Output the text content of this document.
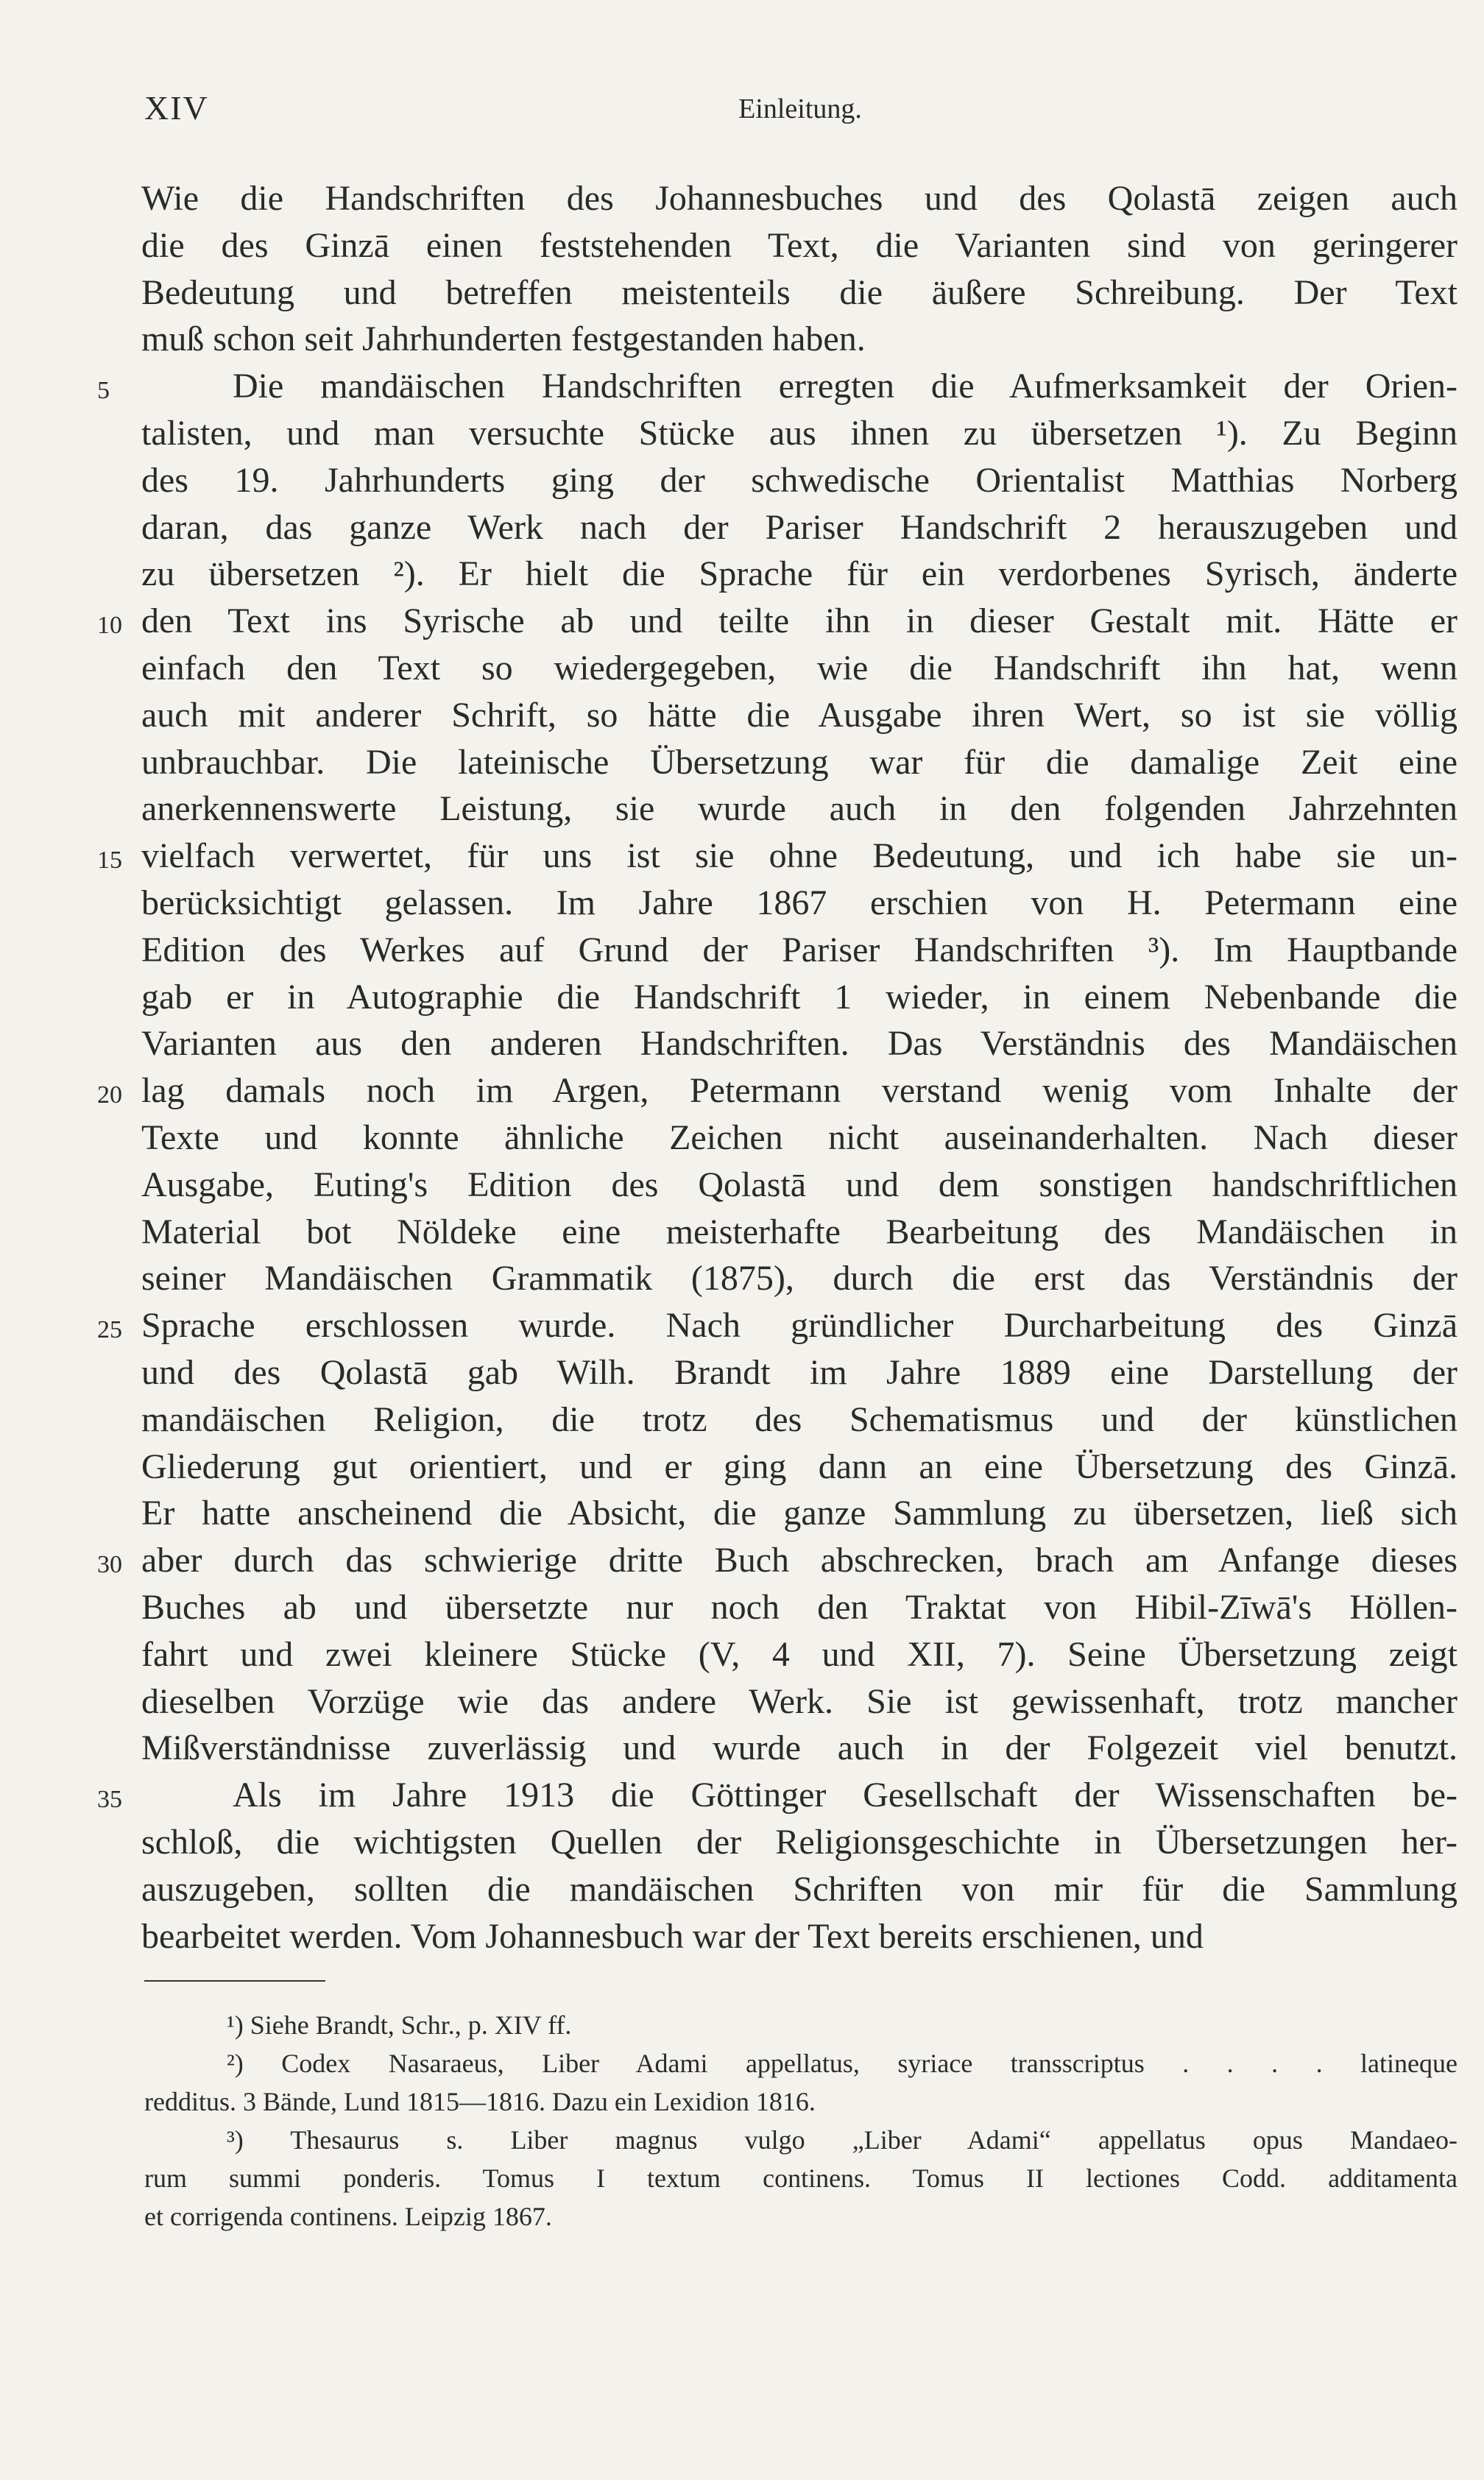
XIV	Einleitung.
Wie die Handschriften des Johannesbuches und des Qolastā zeigen auch
die des Ginzā einen feststehenden Text, die Varianten sind von geringerer
Bedeutung und betreffen meistenteils die äußere Schreibung. Der Text
muß schon seit Jahrhunderten festgestanden haben.
Die mandäischen Handschriften erregten die Aufmerksamkeit der Orien-
5
talisten, und man versuchte Stücke aus ihnen zu übersetzen ¹). Zu Beginn
des 19. Jahrhunderts ging der schwedische Orientalist Matthias Norberg
daran, das ganze Werk nach der Pariser Handschrift 2 herauszugeben und
zu übersetzen ²). Er hielt die Sprache für ein verdorbenes Syrisch, änderte
den Text ins Syrische ab und teilte ihn in dieser Gestalt mit. Hätte er
10
einfach den Text so wiedergegeben, wie die Handschrift ihn hat, wenn
auch mit anderer Schrift, so hätte die Ausgabe ihren Wert, so ist sie völlig
unbrauchbar. Die lateinische Übersetzung war für die damalige Zeit eine
anerkennenswerte Leistung, sie wurde auch in den folgenden Jahrzehnten
vielfach verwertet, für uns ist sie ohne Bedeutung, und ich habe sie un-
15
berücksichtigt gelassen. Im Jahre 1867 erschien von H. Petermann eine
Edition des Werkes auf Grund der Pariser Handschriften ³). Im Hauptbande
gab er in Autographie die Handschrift 1 wieder, in einem Nebenbande die
Varianten aus den anderen Handschriften. Das Verständnis des Mandäischen
lag damals noch im Argen, Petermann verstand wenig vom Inhalte der
20
Texte und konnte ähnliche Zeichen nicht auseinanderhalten. Nach dieser
Ausgabe, Euting's Edition des Qolastā und dem sonstigen handschriftlichen
Material bot Nöldeke eine meisterhafte Bearbeitung des Mandäischen in
seiner Mandäischen Grammatik (1875), durch die erst das Verständnis der
Sprache erschlossen wurde. Nach gründlicher Durcharbeitung des Ginzā
25
und des Qolastā gab Wilh. Brandt im Jahre 1889 eine Darstellung der
mandäischen Religion, die trotz des Schematismus und der künstlichen
Gliederung gut orientiert, und er ging dann an eine Übersetzung des Ginzā.
Er hatte anscheinend die Absicht, die ganze Sammlung zu übersetzen, ließ sich
aber durch das schwierige dritte Buch abschrecken, brach am Anfange dieses
30
Buches ab und übersetzte nur noch den Traktat von Hibil-Zīwā's Höllen-
fahrt und zwei kleinere Stücke (V, 4 und XII, 7). Seine Übersetzung zeigt
dieselben Vorzüge wie das andere Werk. Sie ist gewissenhaft, trotz mancher
Mißverständnisse zuverlässig und wurde auch in der Folgezeit viel benutzt.
Als im Jahre 1913 die Göttinger Gesellschaft der Wissenschaften be-
35
schloß, die wichtigsten Quellen der Religionsgeschichte in Übersetzungen her-
auszugeben, sollten die mandäischen Schriften von mir für die Sammlung
bearbeitet werden. Vom Johannesbuch war der Text bereits erschienen, und
¹) Siehe Brandt, Schr., p. XIV ff.
²) Codex Nasaraeus, Liber Adami appellatus, syriace transscriptus . . . . latineque
redditus. 3 Bände, Lund 1815—1816. Dazu ein Lexidion 1816.
³) Thesaurus s. Liber magnus vulgo „Liber Adami“ appellatus opus Mandaeo-
rum summi ponderis. Tomus I textum continens. Tomus II lectiones Codd. additamenta
et corrigenda continens. Leipzig 1867.
